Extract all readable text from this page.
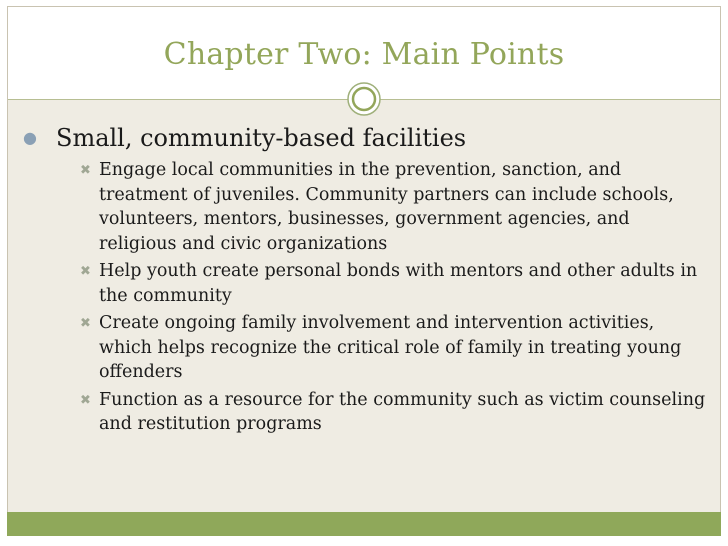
Chapter Two: Main Points
● Small, community-based facilities
✖ Engage local communities in the prevention, sanction, and treatment of juveniles. Community partners can include schools, volunteers, mentors, businesses, government agencies, and religious and civic organizations
✖ Help youth create personal bonds with mentors and other adults in the community
✖ Create ongoing family involvement and intervention activities, which helps recognize the critical role of family in treating young offenders
✖ Function as a resource for the community such as victim counseling and restitution programs
